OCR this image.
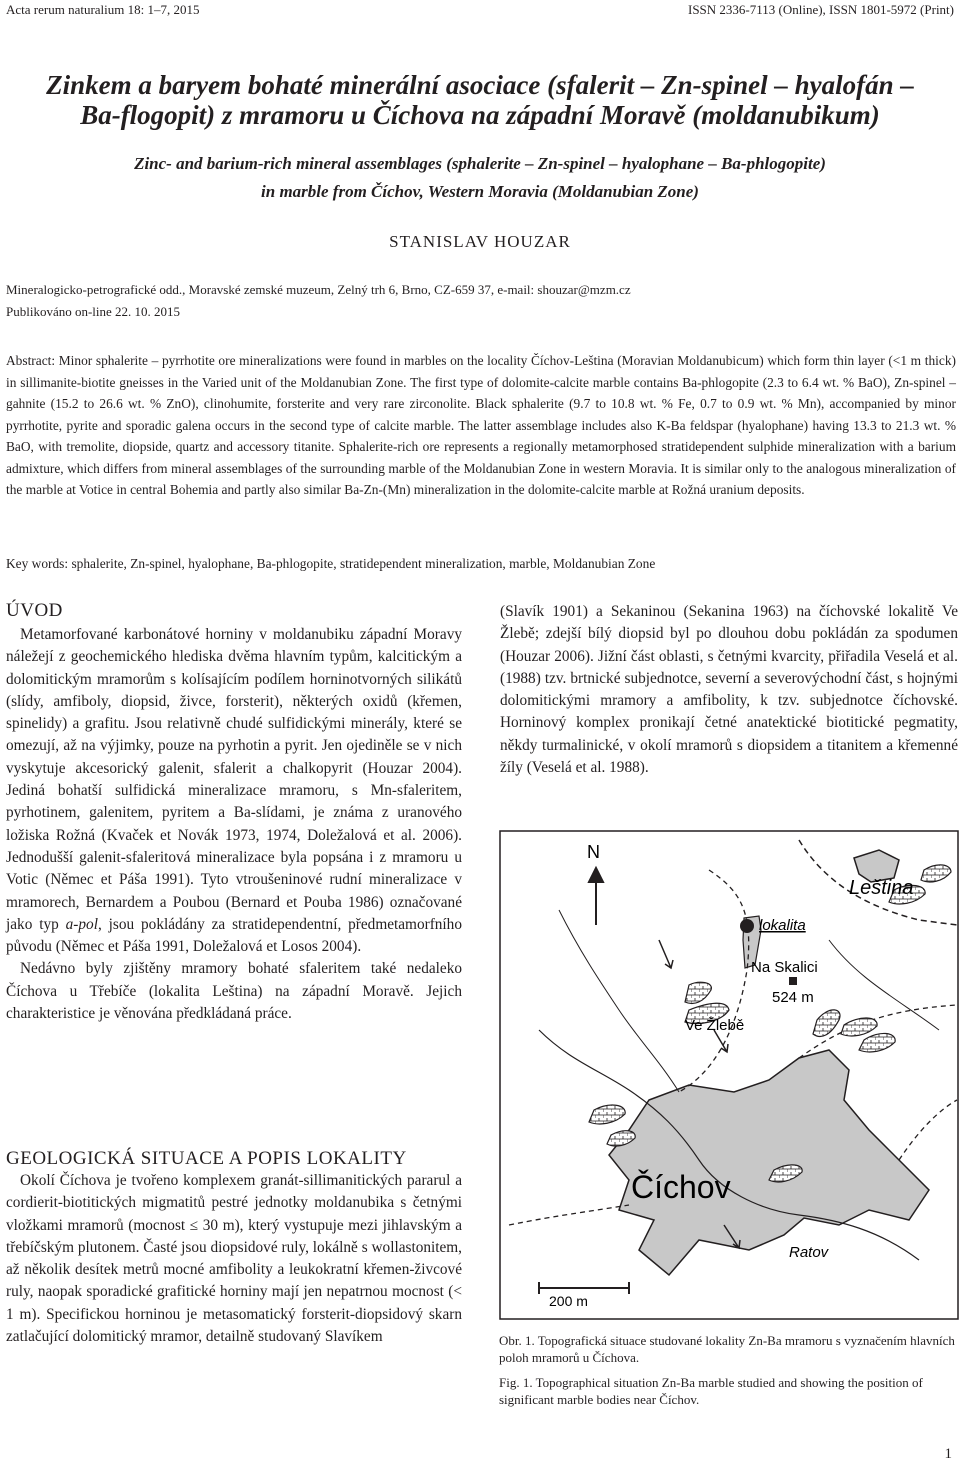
Acta rerum naturalium 18: 1–7, 2015	ISSN 2336-7113 (Online), ISSN 1801-5972 (Print)
Zinkem a baryem bohaté minerální asociace (sfalerit – Zn-spinel – hyalofán –
Ba-flogopit) z mramoru u Číchova na západní Moravě (moldanubikum)
Zinc- and barium-rich mineral assemblages (sphalerite – Zn-spinel – hyalophane – Ba-phlogopite)
in marble from Číchov, Western Moravia (Moldanubian Zone)
STANISLAV HOUZAR
Mineralogicko-petrografické odd., Moravské zemské muzeum, Zelný trh 6, Brno, CZ-659 37, e-mail: shouzar@mzm.cz
Publikováno on-line 22. 10. 2015
Abstract: Minor sphalerite – pyrrhotite ore mineralizations were found in marbles on the locality Číchov-Leština (Moravian Moldanubicum) which form thin layer (<1 m thick) in sillimanite-biotite gneisses in the Varied unit of the Moldanubian Zone. The first type of dolomite-calcite marble contains Ba-phlogopite (2.3 to 6.4 wt. % BaO), Zn-spinel – gahnite (15.2 to 26.6 wt. % ZnO), clinohumite, forsterite and very rare zirconolite. Black sphalerite (9.7 to 10.8 wt. % Fe, 0.7 to 0.9 wt. % Mn), accompanied by minor pyrrhotite, pyrite and sporadic galena occurs in the second type of calcite marble. The latter assemblage includes also K-Ba feldspar (hyalophane) having 13.3 to 21.3 wt. % BaO, with tremolite, diopside, quartz and accessory titanite. Sphalerite-rich ore represents a regionally metamorphosed stratidependent sulphide mineralization with a barium admixture, which differs from mineral assemblages of the surrounding marble of the Moldanubian Zone in western Moravia. It is similar only to the analogous mineralization of the marble at Votice in central Bohemia and partly also similar Ba-Zn-(Mn) mineralization in the dolomite-calcite marble at Rožná uranium deposits.
Key words: sphalerite, Zn-spinel, hyalophane, Ba-phlogopite, stratidependent mineralization, marble, Moldanubian Zone
ÚVOD

Metamorfované karbonátové horniny v moldanubiku západní Moravy náležejí z geochemického hlediska dvěma hlavním typům, kalcitickým a dolomitickým mramorům s kolísajícím podílem horninotvorných silikátů (slídy, amfiboly, diopsid, živce, forsterit), některých oxidů (křemen, spinelidy) a grafitu. Jsou relativně chudé sulfidickými minerály, které se omezují, až na výjimky, pouze na pyrhotin a pyrit. Jen ojediněle se v nich vyskytuje akcesorický galenit, sfalerit a chalkopyrit (Houzar 2004). Jediná bohatší sulfidická mineralizace mramoru, s Mn-sfaleritem, pyrhotinem, galenitem, pyritem a Ba-slídami, je známa z uranového ložiska Rožná (Kvaček et Novák 1973, 1974, Doležalová et al. 2006). Jednodušší galenit-sfaleritová mineralizace byla popsána i z mramoru u Votic (Němec et Páša 1991). Tyto vtroušeninové rudní mineralizace v mramorech, Bernardem a Poubou (Bernard et Pouba 1986) označované jako typ a-pol, jsou pokládány za stratidependentní, předmetamorfního původu (Němec et Páša 1991, Doležalová et Losos 2004).

Nedávno byly zjištěny mramory bohaté sfaleritem také nedaleko Číchova u Třebíče (lokalita Leština) na západní Moravě. Jejich charakteristice je věnována předkládaná práce.

GEOLOGICKÁ SITUACE A POPIS LOKALITY

Okolí Číchova je tvořeno komplexem granát-sillimanitických pararul a cordierit-biotitických migmatitů pestré jednotky moldanubika s četnými vložkami mramorů (mocnost ≤ 30 m), který vystupuje mezi jihlavským a třebíčským plutonem. Časté jsou diopsidové ruly, lokálně s wollastonitem, až několik desítek metrů mocné amfibolity a leukokratní křemen-živcové ruly, naopak sporadické grafitické horniny mají jen nepatrnou mocnost (< 1 m). Specifickou horninou je metasomatický forsterit-diopsidový skarn zatlačující dolomitický mramor, detailně studovaný Slavíkem

(Slavík 1901) a Sekaninou (Sekanina 1963) na číchovské lokalitě Ve Žlebě; zdejší bílý diopsid byl po dlouhou dobu pokládán za spodumen (Houzar 2006). Jižní část oblasti, s četnými kvarcity, přiřadila Veselá et al. (1988) tzv. brtnické subjednotce, severní a severovýchodní část, s hojnými dolomitickými mramory a amfibolity, k tzv. subjednotce číchovské. Horninový komplex pronikají četné anatektické biotitické pegmatity, někdy turmalinické, v okolí mramorů s diopsidem a titanitem a křemenné žíly (Veselá et al. 1988).

N
lokalita
Na Skalici
524 m
Leština
Ve Žlebě
Číchov
Ratov
200 m
Obr. 1. Topografická situace studované lokality Zn-Ba mramoru s vyznačením hlavních poloh mramorů u Číchova.
Fig. 1. Topographical situation Zn-Ba marble studied and showing the position of significant marble bodies near Číchov.
1
